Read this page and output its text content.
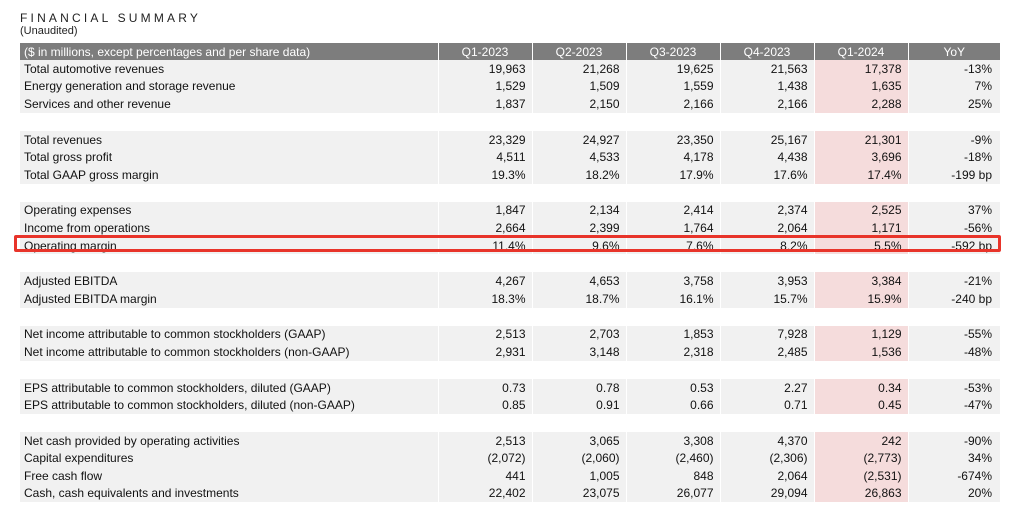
FINANCIAL SUMMARY
(Unaudited)
($ in millions, except percentages and per share data)	Q1-2023	Q2-2023	Q3-2023	Q4-2023	Q1-2024	YoY
Total automotive revenues	19,963	21,268	19,625	21,563	17,378	-13%
Energy generation and storage revenue	1,529	1,509	1,559	1,438	1,635	7%
Services and other revenue	1,837	2,150	2,166	2,166	2,288	25%

Total revenues	23,329	24,927	23,350	25,167	21,301	-9%
Total gross profit	4,511	4,533	4,178	4,438	3,696	-18%
Total GAAP gross margin	19.3%	18.2%	17.9%	17.6%	17.4%	-199 bp

Operating expenses	1,847	2,134	2,414	2,374	2,525	37%
Income from operations	2,664	2,399	1,764	2,064	1,171	-56%
Operating margin	11.4%	9.6%	7.6%	8.2%	5.5%	-592 bp

Adjusted EBITDA	4,267	4,653	3,758	3,953	3,384	-21%
Adjusted EBITDA margin	18.3%	18.7%	16.1%	15.7%	15.9%	-240 bp

Net income attributable to common stockholders (GAAP)	2,513	2,703	1,853	7,928	1,129	-55%
Net income attributable to common stockholders (non-GAAP)	2,931	3,148	2,318	2,485	1,536	-48%

EPS attributable to common stockholders, diluted (GAAP)	0.73	0.78	0.53	2.27	0.34	-53%
EPS attributable to common stockholders, diluted (non-GAAP)	0.85	0.91	0.66	0.71	0.45	-47%

Net cash provided by operating activities	2,513	3,065	3,308	4,370	242	-90%
Capital expenditures	(2,072)	(2,060)	(2,460)	(2,306)	(2,773)	34%
Free cash flow	441	1,005	848	2,064	(2,531)	-674%
Cash, cash equivalents and investments	22,402	23,075	26,077	29,094	26,863	20%
